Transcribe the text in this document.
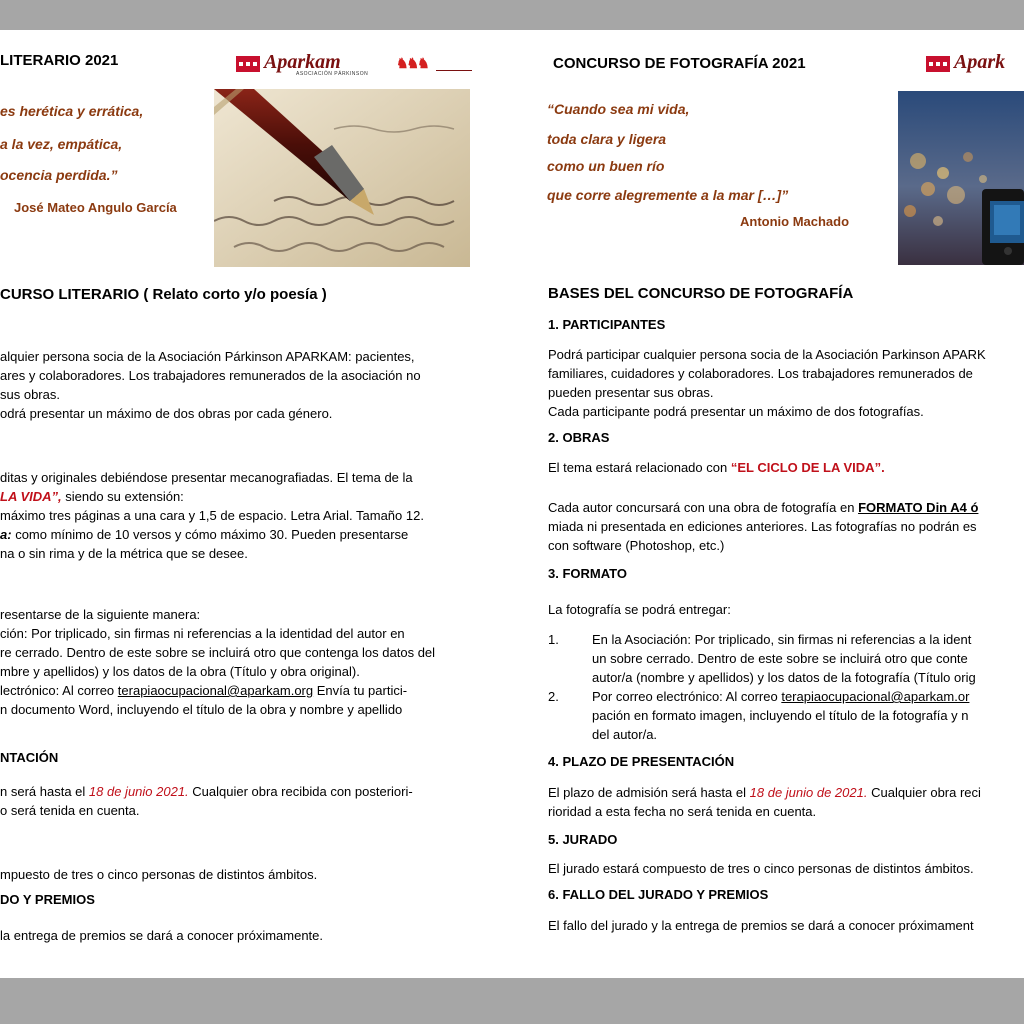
LITERARIO 2021	Aparkam
ASOCIACIÓN PÁRKINSON
♞♞♞
es herética y errática,
a la vez, empática,
ocencia perdida.”
José Mateo Angulo García
CURSO LITERARIO ( Relato corto y/o poesía )
alquier persona socia de la Asociación Párkinson APARKAM: pacientes,
ares y colaboradores. Los trabajadores remunerados de la asociación no
sus obras.
odrá presentar un máximo de dos obras por cada género.
ditas y originales debiéndose presentar mecanografiadas. El tema de la
LA VIDA”, siendo su extensión:
máximo tres páginas a una cara y 1,5 de espacio. Letra Arial. Tamaño 12.
a: como mínimo de 10 versos y cómo máximo 30. Pueden presentarse
na o sin rima y de la métrica que se desee.
resentarse de la siguiente manera:
ción: Por triplicado, sin firmas ni referencias a la identidad del autor en
re cerrado. Dentro de este sobre se incluirá otro que contenga los datos del
mbre y apellidos) y los datos de la obra (Título y obra original).
lectrónico: Al correo terapiaocupacional@aparkam.org Envía tu partici-
n documento Word, incluyendo el título de la obra y nombre y apellido
NTACIÓN
n será hasta el 18 de junio 2021. Cualquier obra recibida con posteriori-
o será tenida en cuenta.
mpuesto de tres o cinco personas de distintos ámbitos.
DO Y PREMIOS
la entrega de premios se dará a conocer próximamente.
CONCURSO DE FOTOGRAFÍA 2021	Apark
“Cuando sea mi vida,
toda clara y ligera
como un buen río
que corre alegremente a la mar […]”
Antonio Machado
BASES DEL CONCURSO DE FOTOGRAFÍA
1. PARTICIPANTES
Podrá participar cualquier persona socia de la Asociación Parkinson APARK
familiares, cuidadores y colaboradores. Los trabajadores remunerados de
pueden presentar sus obras.
Cada participante podrá presentar un máximo de dos fotografías.
2. OBRAS
El tema estará relacionado con “EL CICLO DE LA VIDA”.
Cada autor concursará con una obra de fotografía en FORMATO Din A4 ó
miada ni presentada en ediciones anteriores. Las fotografías no podrán es
con software (Photoshop, etc.)
3. FORMATO
La fotografía se podrá entregar:
1.	En la Asociación: Por triplicado, sin firmas ni referencias a la ident
un sobre cerrado. Dentro de este sobre se incluirá otro que conte
autor/a (nombre y apellidos) y los datos de la fotografía (Título orig
2.	Por correo electrónico: Al correo terapiaocupacional@aparkam.or
pación en formato imagen, incluyendo el título de la fotografía y n
del autor/a.
4. PLAZO DE PRESENTACIÓN
El plazo de admisión será hasta el 18 de junio de 2021. Cualquier obra reci
rioridad a esta fecha no será tenida en cuenta.
5. JURADO
El jurado estará compuesto de tres o cinco personas de distintos ámbitos.
6. FALLO DEL JURADO Y PREMIOS
El fallo del jurado y la entrega de premios se dará a conocer próximament
